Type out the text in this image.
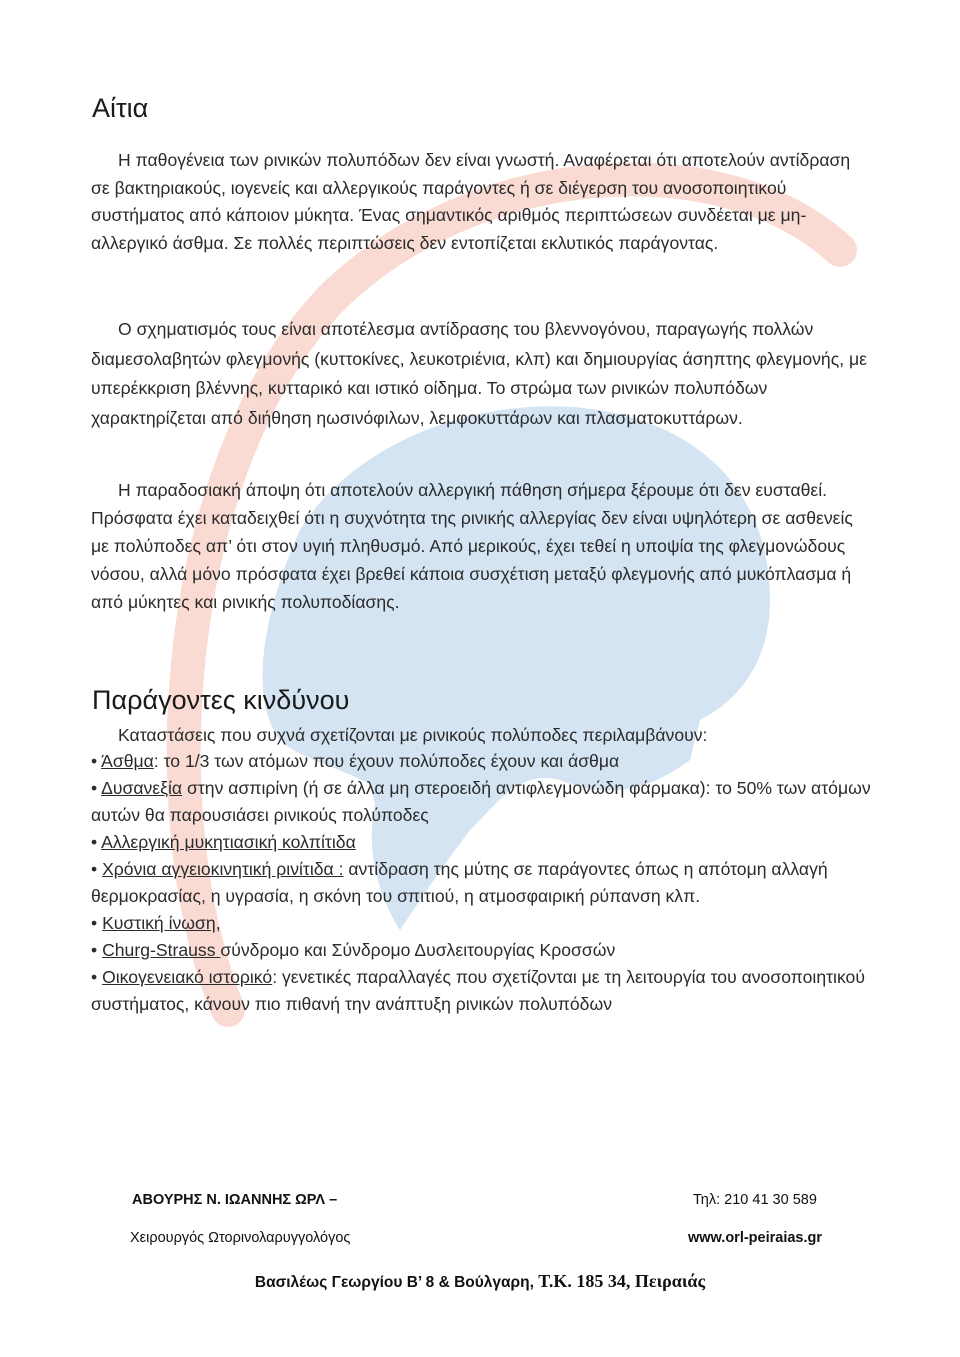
Αίτια

Η παθογένεια των ρινικών πολυπόδων δεν είναι γνωστή. Αναφέρεται ότι αποτελούν αντίδραση σε βακτηριακούς, ιογενείς και αλλεργικούς παράγοντες ή σε διέγερση του ανοσοποιητικού συστήματος από κάποιον μύκητα. Ένας σημαντικός αριθμός περιπτώσεων συνδέεται με μη-αλλεργικό άσθμα. Σε πολλές περιπτώσεις δεν εντοπίζεται εκλυτικός παράγοντας.

Ο σχηματισμός τους είναι αποτέλεσμα αντίδρασης του βλεννογόνου, παραγωγής πολλών διαμεσολαβητών φλεγμονής (κυττοκίνες, λευκοτριένια, κλπ) και δημιουργίας άσηπτης φλεγμονής, με υπερέκκριση βλέννης, κυτταρικό και ιστικό οίδημα. Το στρώμα των ρινικών πολυπόδων χαρακτηρίζεται από διήθηση ηωσινόφιλων, λεμφοκυττάρων και πλασματοκυττάρων.

Η παραδοσιακή άποψη ότι αποτελούν αλλεργική πάθηση σήμερα ξέρουμε ότι δεν ευσταθεί. Πρόσφατα έχει καταδειχθεί ότι η συχνότητα της ρινικής αλλεργίας δεν είναι υψηλότερη σε ασθενείς με πολύποδες απ’ ότι στον υγιή πληθυσμό. Από μερικούς, έχει τεθεί η υποψία της φλεγμονώδους νόσου, αλλά μόνο πρόσφατα έχει βρεθεί κάποια συσχέτιση μεταξύ φλεγμονής από μυκόπλασμα ή από μύκητες και ρινικής πολυποδίασης.

Παράγοντες κινδύνου

Καταστάσεις που συχνά σχετίζονται με ρινικούς πολύποδες περιλαμβάνουν:

• Άσθμα: το 1/3 των ατόμων που έχουν πολύποδες έχουν και άσθμα
• Δυσανεξία στην ασπιρίνη (ή σε άλλα μη στεροειδή αντιφλεγμονώδη φάρμακα): το 50% των ατόμων αυτών θα παρουσιάσει ρινικούς πολύποδες
• Αλλεργική μυκητιασική κολπίτιδα
• Χρόνια αγγειοκινητική ρινίτιδα : αντίδραση της μύτης σε παράγοντες όπως η απότομη αλλαγή θερμοκρασίας, η υγρασία, η σκόνη του σπιτιού, η ατμοσφαιρική ρύπανση κλπ.
• Κυστική ίνωση,
• Churg-Strauss σύνδρομο και Σύνδρομο Δυσλειτουργίας Κροσσών
• Οικογενειακό ιστορικό: γενετικές παραλλαγές που σχετίζονται με τη λειτουργία του ανοσοποιητικού συστήματος, κάνουν πιο πιθανή την ανάπτυξη ρινικών πολυπόδων
ΑΒΟΥΡΗΣ Ν. ΙΩΑΝΝΗΣ ΩΡΛ –	Τηλ: 210 41 30 589
Χειρουργός Ωτορινολαρυγγολόγος	www.orl-peiraias.gr
Βασιλέως Γεωργίου Β’ 8 & Βούλγαρη, Τ.Κ. 185 34, Πειραιάς
